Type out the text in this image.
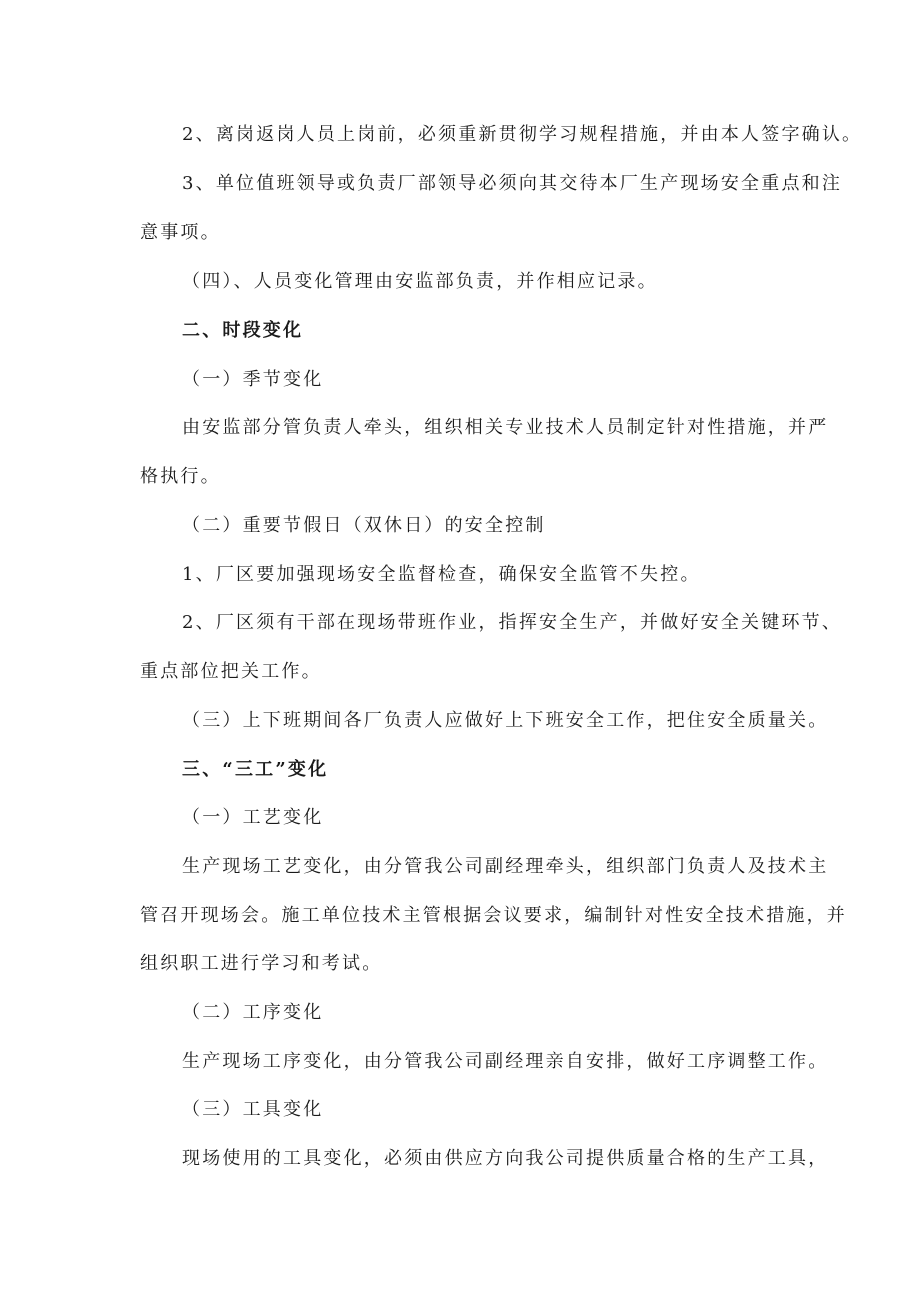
2、离岗返岗人员上岗前，必须重新贯彻学习规程措施，并由本人签字确认。
3、单位值班领导或负责厂部领导必须向其交待本厂生产现场安全重点和注
意事项。
（四）、人员变化管理由安监部负责，并作相应记录。
二、时段变化
（一）季节变化
由安监部分管负责人牵头，组织相关专业技术人员制定针对性措施，并严
格执行。
（二）重要节假日（双休日）的安全控制
1、厂区要加强现场安全监督检查，确保安全监管不失控。
2、厂区须有干部在现场带班作业，指挥安全生产，并做好安全关键环节、
重点部位把关工作。
（三）上下班期间各厂负责人应做好上下班安全工作，把住安全质量关。
三、“三工”变化
（一）工艺变化
生产现场工艺变化，由分管我公司副经理牵头，组织部门负责人及技术主
管召开现场会。施工单位技术主管根据会议要求，编制针对性安全技术措施，并
组织职工进行学习和考试。
（二）工序变化
生产现场工序变化，由分管我公司副经理亲自安排，做好工序调整工作。
（三）工具变化
现场使用的工具变化，必须由供应方向我公司提供质量合格的生产工具，
